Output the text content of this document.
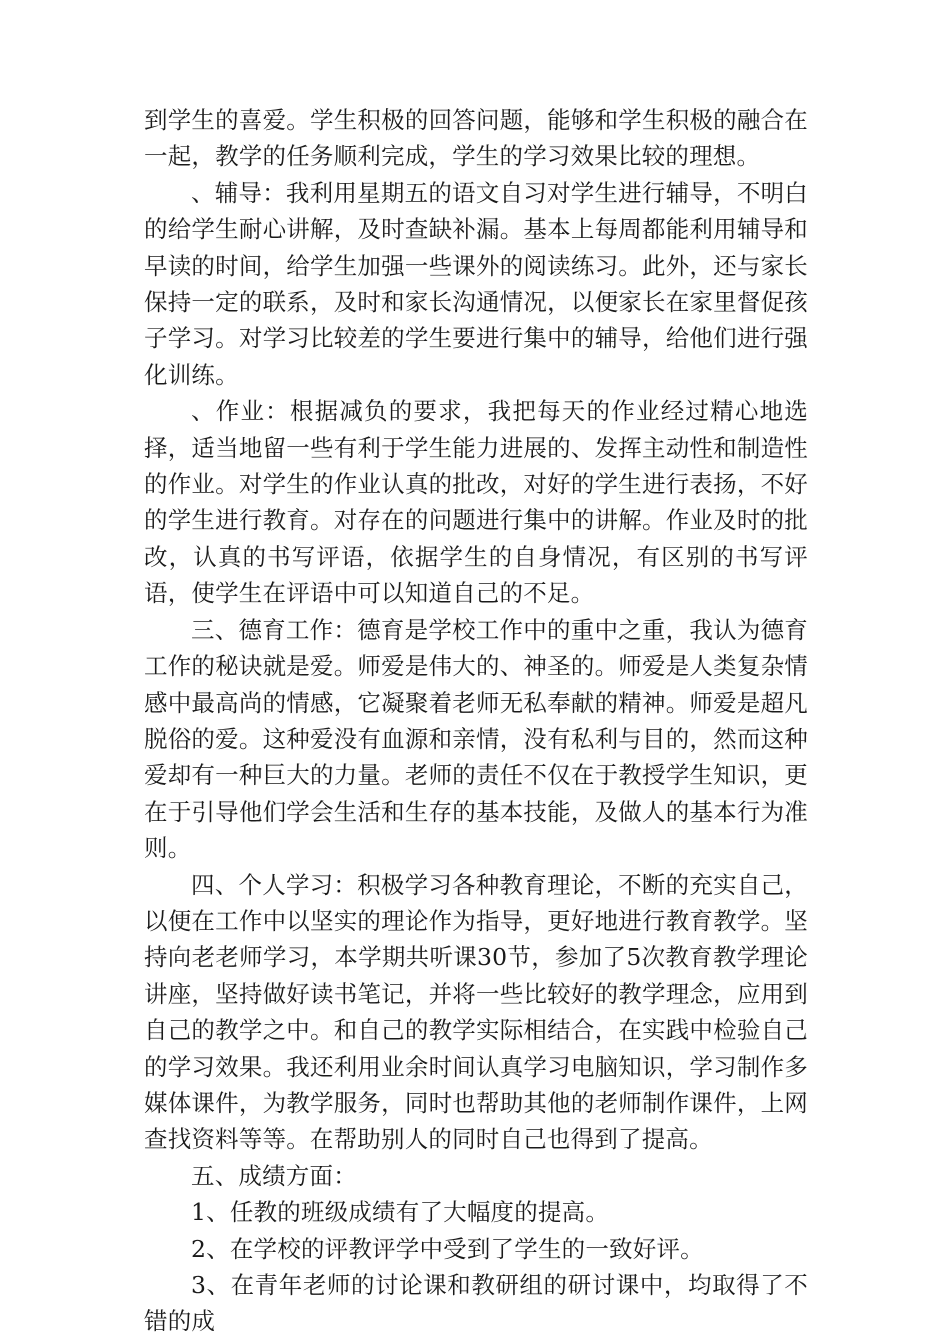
到学生的喜爱。学生积极的回答问题，能够和学生积极的融合在一起，教学的任务顺利完成，学生的学习效果比较的理想。

、辅导：我利用星期五的语文自习对学生进行辅导，不明白的给学生耐心讲解，及时查缺补漏。基本上每周都能利用辅导和早读的时间，给学生加强一些课外的阅读练习。此外，还与家长保持一定的联系，及时和家长沟通情况，以便家长在家里督促孩子学习。对学习比较差的学生要进行集中的辅导，给他们进行强化训练。

、作业：根据减负的要求，我把每天的作业经过精心地选择，适当地留一些有利于学生能力进展的、发挥主动性和制造性的作业。对学生的作业认真的批改，对好的学生进行表扬，不好的学生进行教育。对存在的问题进行集中的讲解。作业及时的批改，认真的书写评语，依据学生的自身情况，有区别的书写评语，使学生在评语中可以知道自己的不足。

三、德育工作：德育是学校工作中的重中之重，我认为德育工作的秘诀就是爱。师爱是伟大的、神圣的。师爱是人类复杂情感中最高尚的情感，它凝聚着老师无私奉献的精神。师爱是超凡脱俗的爱。这种爱没有血源和亲情，没有私利与目的，然而这种爱却有一种巨大的力量。老师的责任不仅在于教授学生知识，更在于引导他们学会生活和生存的基本技能，及做人的基本行为准则。

四、个人学习：积极学习各种教育理论，不断的充实自己，以便在工作中以坚实的理论作为指导，更好地进行教育教学。坚持向老老师学习，本学期共听课30节，参加了5次教育教学理论讲座，坚持做好读书笔记，并将一些比较好的教学理念，应用到自己的教学之中。和自己的教学实际相结合，在实践中检验自己的学习效果。我还利用业余时间认真学习电脑知识，学习制作多媒体课件，为教学服务，同时也帮助其他的老师制作课件，上网查找资料等等。在帮助别人的同时自己也得到了提高。

五、成绩方面：

1、任教的班级成绩有了大幅度的提高。

2、在学校的评教评学中受到了学生的一致好评。

3、在青年老师的讨论课和教研组的研讨课中，均取得了不错的成
